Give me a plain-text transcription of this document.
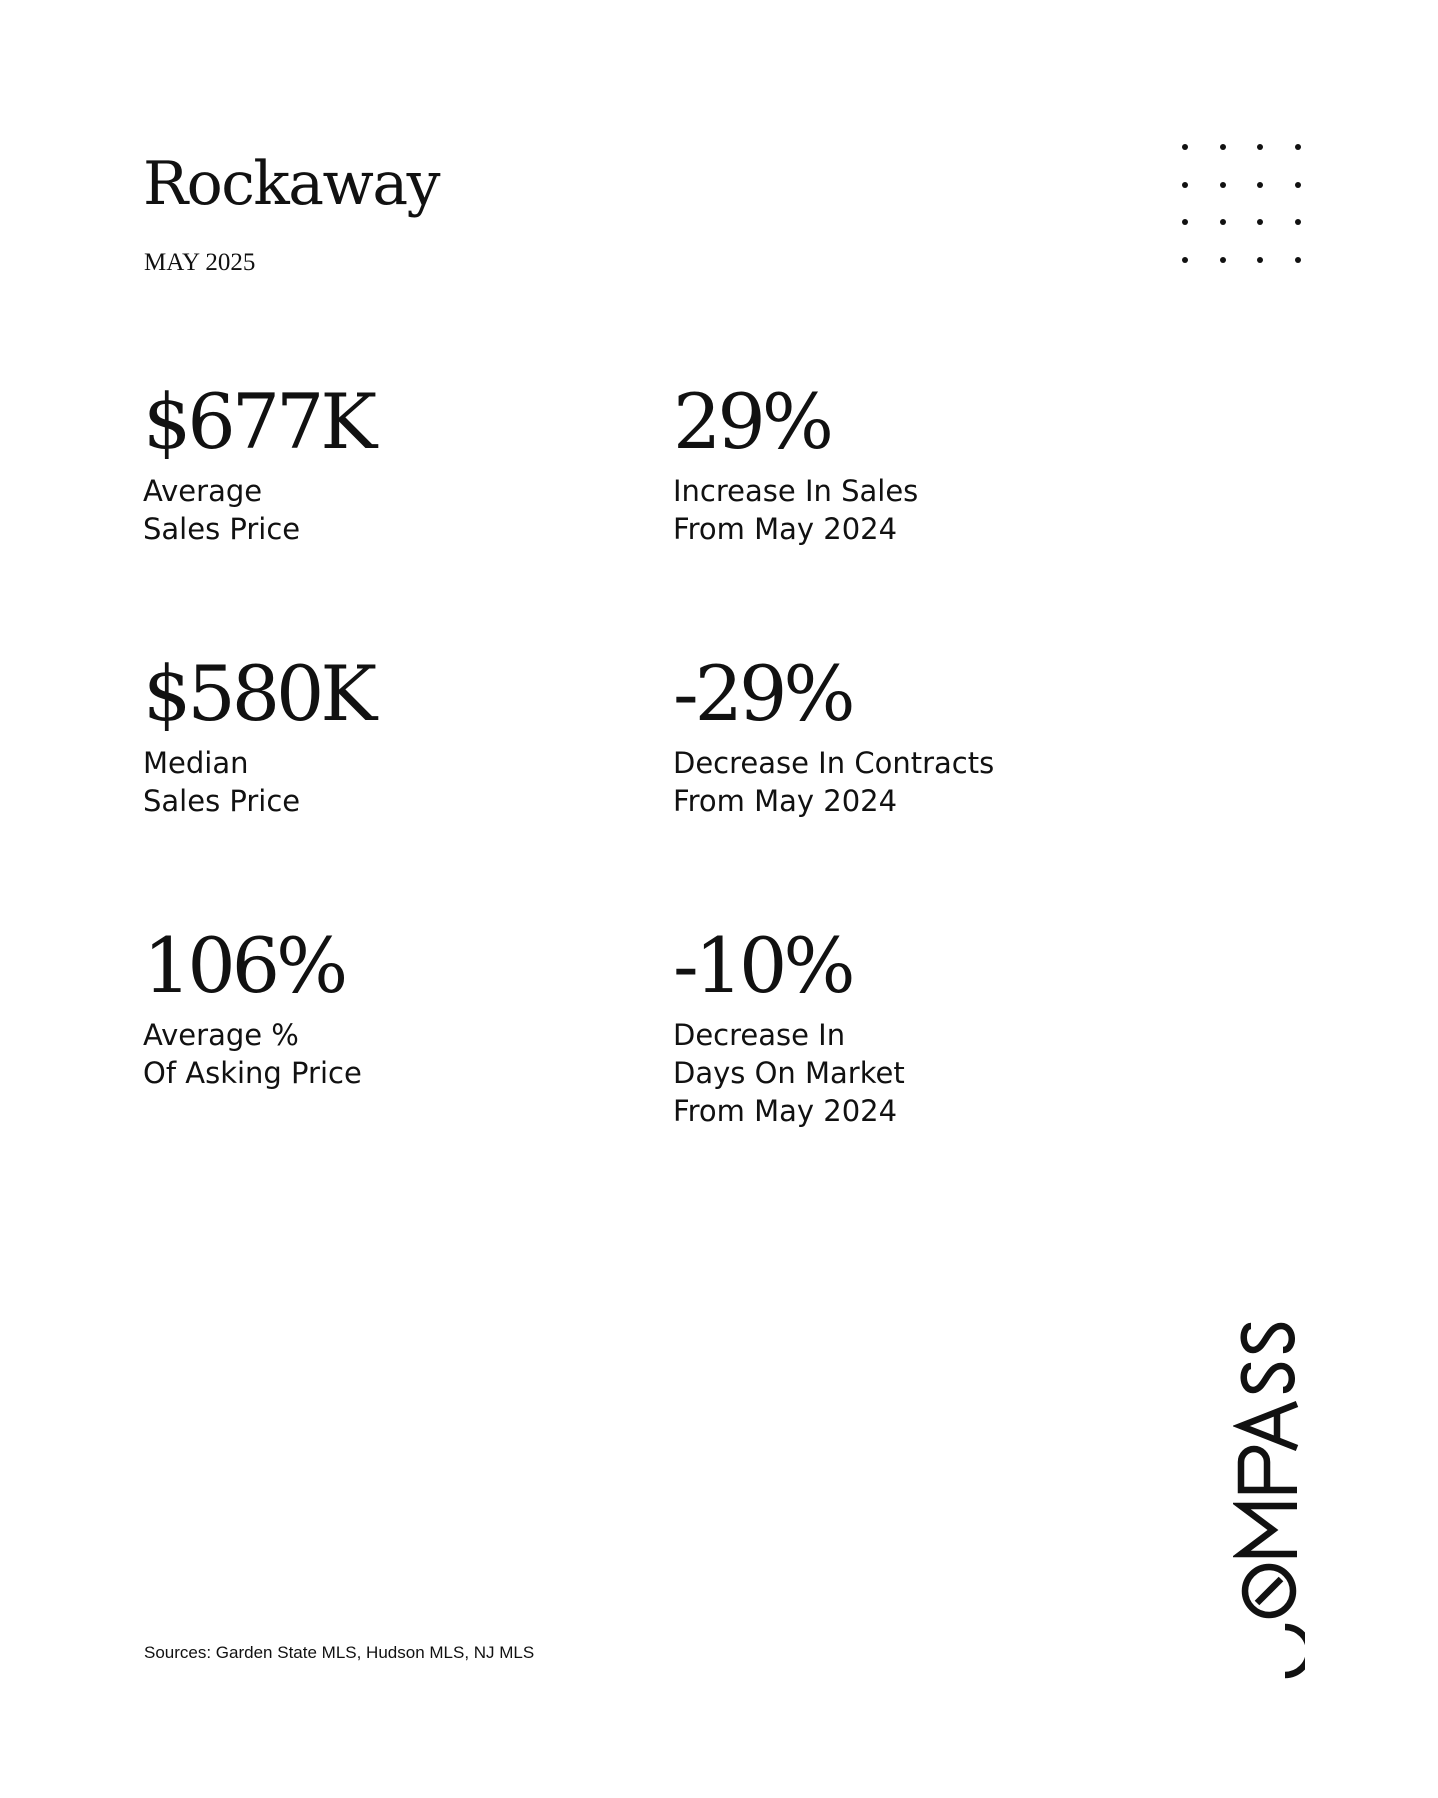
Rockaway
MAY 2025
$677K
Average
Sales Price
29%
Increase In Sales
From May 2024
$580K
Median
Sales Price
-29%
Decrease In Contracts
From May 2024
106%
Average %
Of Asking Price
-10%
Decrease In
Days On Market
From May 2024
Sources: Garden State MLS, Hudson MLS, NJ MLS
